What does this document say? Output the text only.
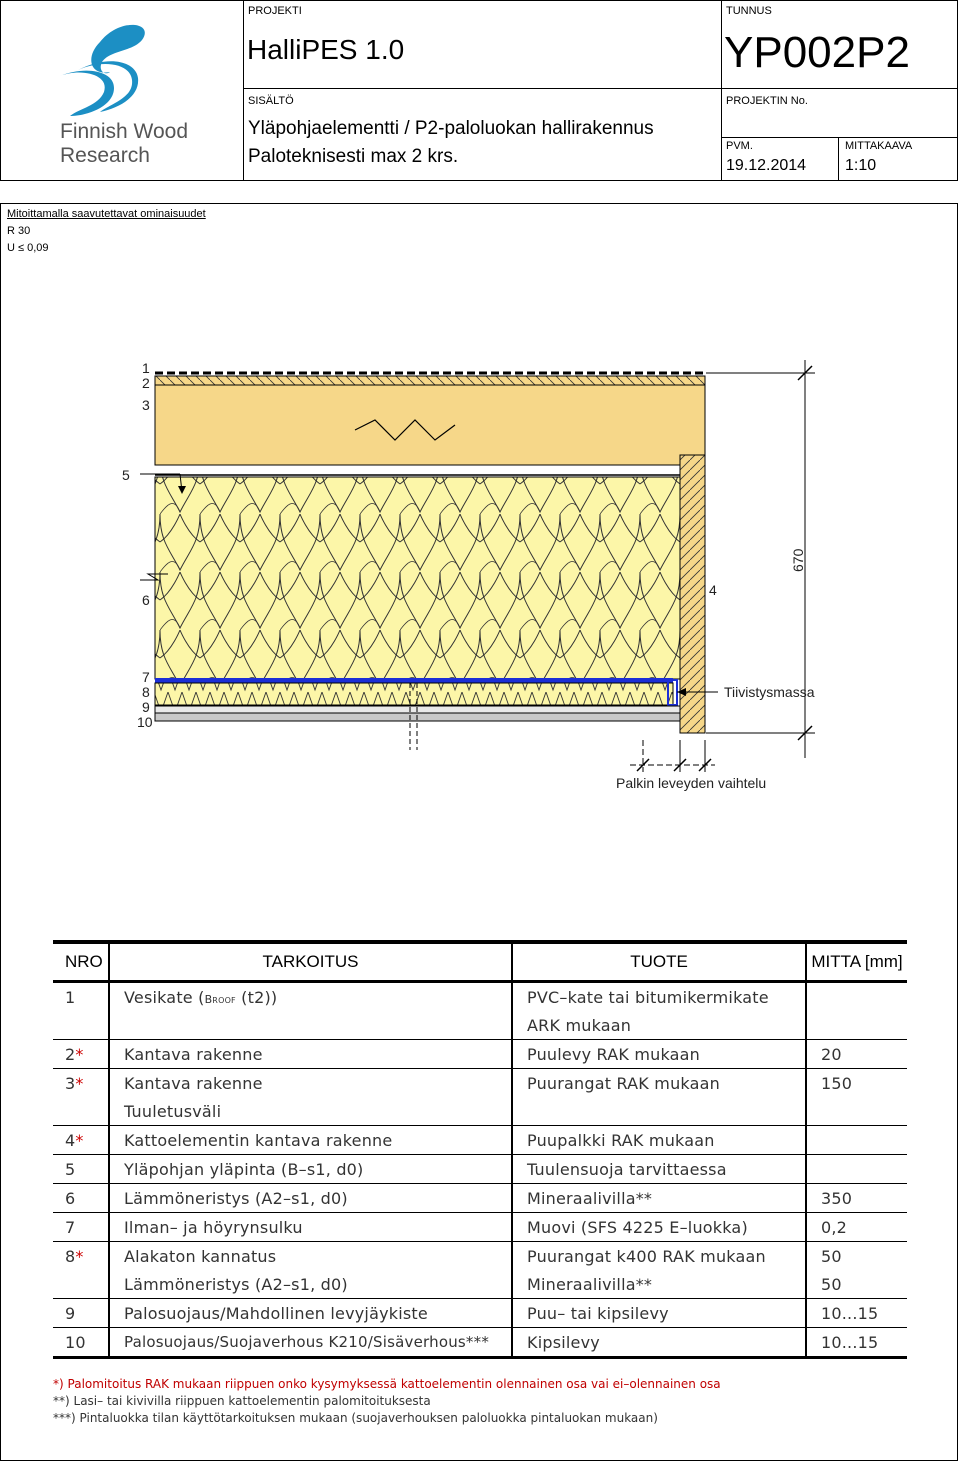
Finnish Wood
Research
PROJEKTI
HalliPES 1.0
SISÄLTÖ
Yläpohjaelementti / P2-paloluokan hallirakennus
Paloteknisesti max 2 krs.
TUNNUS
YP002P2
PROJEKTIN No.
PVM.
19.12.2014
MITTAKAAVA
1:10
Mitoittamalla saavutettavat ominaisuudet
R 30
U ≤ 0,09
670
Tiivistysmassa
Palkin leveyden vaihtelu
1
2
3
5
6
7
8
9
10
4
NRO	TARKOITUS	TUOTE	MITTA [mm]
1	Vesikate (Broof (t2))	PVC–kate tai bitumikermikate	
		ARK mukaan	
2*	Kantava rakenne	Puulevy RAK mukaan	20
3*	Kantava rakenne	Puurangat RAK mukaan	150
	Tuuletusväli		
4*	Kattoelementin kantava rakenne	Puupalkki RAK mukaan	
5	Yläpohjan yläpinta (B–s1, d0)	Tuulensuoja tarvittaessa	
6	Lämmöneristys (A2–s1, d0)	Mineraalivilla**	350
7	Ilman– ja höyrynsulku	Muovi (SFS 4225 E–luokka)	0,2
8*	Alakaton kannatus	Puurangat k400 RAK mukaan	50
	Lämmöneristys (A2–s1, d0)	Mineraalivilla**	50
9	Palosuojaus/Mahdollinen levyjäykiste	Puu– tai kipsilevy	10...15
10	Palosuojaus/Suojaverhous K210/Sisäverhous***	Kipsilevy	10...15
*) Palomitoitus RAK mukaan riippuen onko kysymyksessä kattoelementin olennainen osa vai ei–olennainen osa
**) Lasi– tai kivivilla riippuen kattoelementin palomitoituksesta
***) Pintaluokka tilan käyttötarkoituksen mukaan (suojaverhouksen paloluokka pintaluokan mukaan)
